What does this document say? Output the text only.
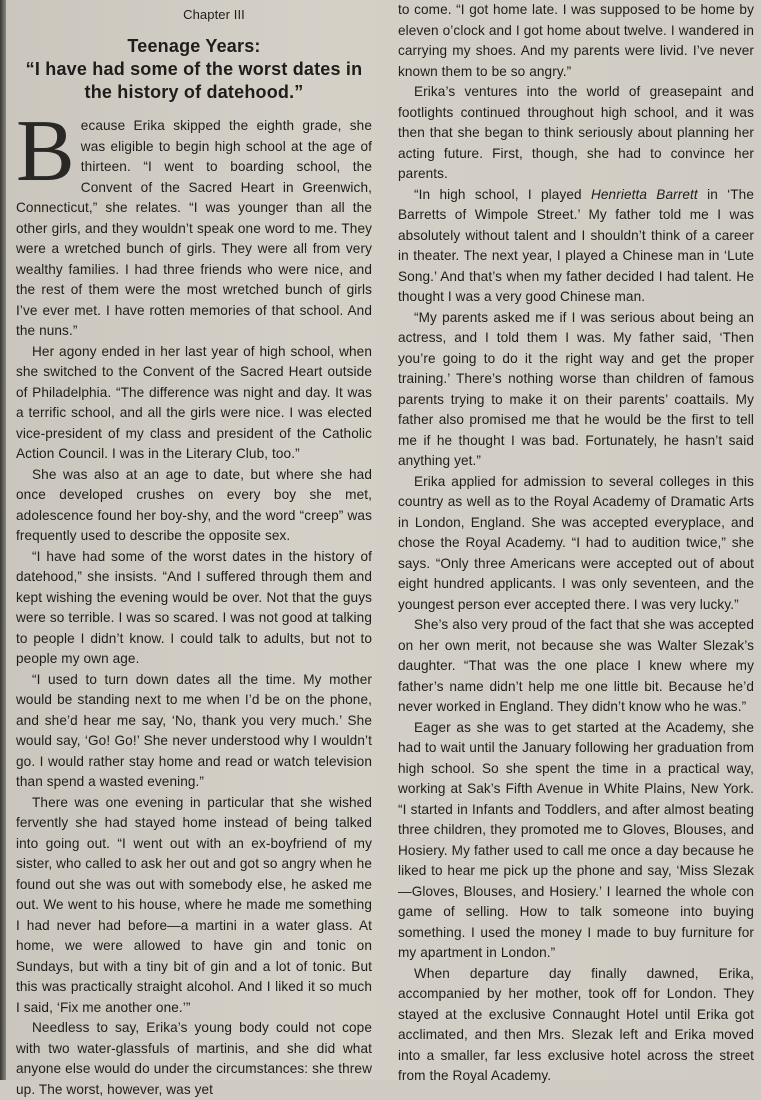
Chapter III
Teenage Years:
“I have had some of the worst dates in the history of datehood.”

Because Erika skipped the eighth grade, she was eligible to begin high school at the age of thirteen. “I went to boarding school, the Convent of the Sacred Heart in Greenwich, Connecticut,” she relates. “I was younger than all the other girls, and they wouldn’t speak one word to me. They were a wretched bunch of girls. They were all from very wealthy families. I had three friends who were nice, and the rest of them were the most wretched bunch of girls I’ve ever met. I have rotten memories of that school. And the nuns.”

Her agony ended in her last year of high school, when she switched to the Convent of the Sacred Heart outside of Philadelphia. “The difference was night and day. It was a terrific school, and all the girls were nice. I was elected vice-president of my class and president of the Catholic Action Council. I was in the Literary Club, too.”

She was also at an age to date, but where she had once developed crushes on every boy she met, adolescence found her boy-shy, and the word “creep” was frequently used to describe the opposite sex.

“I have had some of the worst dates in the history of datehood,” she insists. “And I suffered through them and kept wishing the evening would be over. Not that the guys were so terrible. I was so scared. I was not good at talking to people I didn’t know. I could talk to adults, but not to people my own age.

“I used to turn down dates all the time. My mother would be standing next to me when I’d be on the phone, and she’d hear me say, ‘No, thank you very much.’ She would say, ‘Go! Go!’ She never understood why I wouldn’t go. I would rather stay home and read or watch television than spend a wasted evening.”

There was one evening in particular that she wished fervently she had stayed home instead of being talked into going out. “I went out with an ex-boyfriend of my sister, who called to ask her out and got so angry when he found out she was out with somebody else, he asked me out. We went to his house, where he made me something I had never had before—a martini in a water glass. At home, we were allowed to have gin and tonic on Sundays, but with a tiny bit of gin and a lot of tonic. But this was practically straight alcohol. And I liked it so much I said, ‘Fix me another one.’”

Needless to say, Erika’s young body could not cope with two water-glassfuls of martinis, and she did what anyone else would do under the circumstances: she threw up. The worst, however, was yet

to come. “I got home late. I was supposed to be home by eleven o’clock and I got home about twelve. I wandered in carrying my shoes. And my parents were livid. I’ve never known them to be so angry.”

Erika’s ventures into the world of greasepaint and footlights continued throughout high school, and it was then that she began to think seriously about planning her acting future. First, though, she had to convince her parents.

“In high school, I played Henrietta Barrett in ‘The Barretts of Wimpole Street.’ My father told me I was absolutely without talent and I shouldn’t think of a career in theater. The next year, I played a Chinese man in ‘Lute Song.’ And that’s when my father decided I had talent. He thought I was a very good Chinese man.

“My parents asked me if I was serious about being an actress, and I told them I was. My father said, ‘Then you’re going to do it the right way and get the proper training.’ There’s nothing worse than children of famous parents trying to make it on their parents’ coattails. My father also promised me that he would be the first to tell me if he thought I was bad. Fortunately, he hasn’t said anything yet.”

Erika applied for admission to several colleges in this country as well as to the Royal Academy of Dramatic Arts in London, England. She was accepted everyplace, and chose the Royal Academy. “I had to audition twice,” she says. “Only three Americans were accepted out of about eight hundred applicants. I was only seventeen, and the youngest person ever accepted there. I was very lucky.”

She’s also very proud of the fact that she was accepted on her own merit, not because she was Walter Slezak’s daughter. “That was the one place I knew where my father’s name didn’t help me one little bit. Because he’d never worked in England. They didn’t know who he was.”

Eager as she was to get started at the Academy, she had to wait until the January following her graduation from high school. So she spent the time in a practical way, working at Sak’s Fifth Avenue in White Plains, New York. “I started in Infants and Toddlers, and after almost beating three children, they promoted me to Gloves, Blouses, and Hosiery. My father used to call me once a day because he liked to hear me pick up the phone and say, ‘Miss Slezak—Gloves, Blouses, and Hosiery.’ I learned the whole con game of selling. How to talk someone into buying something. I used the money I made to buy furniture for my apartment in London.”

When departure day finally dawned, Erika, accompanied by her mother, took off for London. They stayed at the exclusive Connaught Hotel until Erika got acclimated, and then Mrs. Slezak left and Erika moved into a smaller, far less exclusive hotel across the street from the Royal Academy.
